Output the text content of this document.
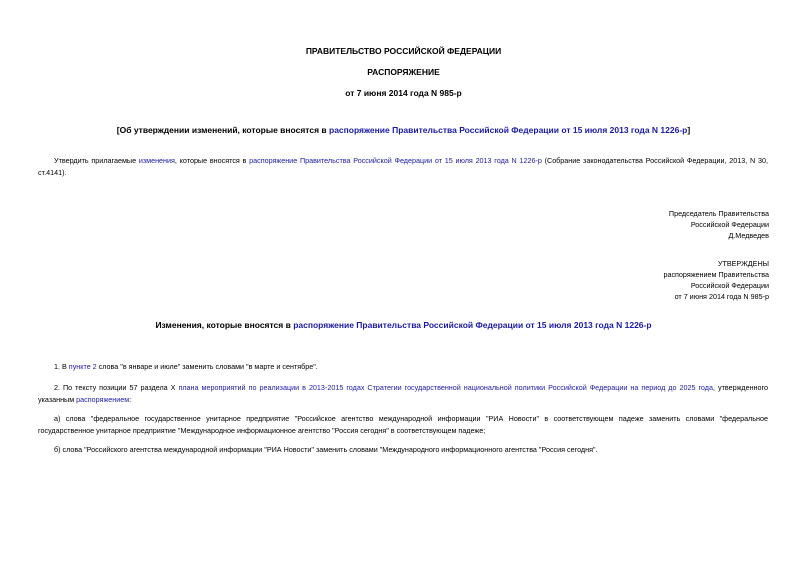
ПРАВИТЕЛЬСТВО РОССИЙСКОЙ ФЕДЕРАЦИИ
РАСПОРЯЖЕНИЕ
от 7 июня 2014 года N 985-р
[Об утверждении изменений, которые вносятся в распоряжение Правительства Российской Федерации от 15 июля 2013 года N 1226-р]
Утвердить прилагаемые изменения, которые вносятся в распоряжение Правительства Российской Федерации от 15 июля 2013 года N 1226-р (Собрание законодательства Российской Федерации, 2013, N 30, ст.4141).
Председатель Правительства
Российской Федерации
Д.Медведев
УТВЕРЖДЕНЫ
распоряжением Правительства
Российской Федерации
от 7 июня 2014 года N 985-р
Изменения, которые вносятся в распоряжение Правительства Российской Федерации от 15 июля 2013 года N 1226-р
1. В пункте 2 слова "в январе и июле" заменить словами "в марте и сентябре".
2. По тексту позиции 57 раздела X плана мероприятий по реализации в 2013-2015 годах Стратегии государственной национальной политики Российской Федерации на период до 2025 года, утвержденного указанным распоряжением:
а) слова "федеральное государственное унитарное предприятие "Российское агентство международной информации "РИА Новости" в соответствующем падеже заменить словами "федеральное государственное унитарное предприятие "Международное информационное агентство "Россия сегодня" в соответствующем падеже;
б) слова "Российского агентства международной информации "РИА Новости" заменить словами "Международного информационного агентства "Россия сегодня".
